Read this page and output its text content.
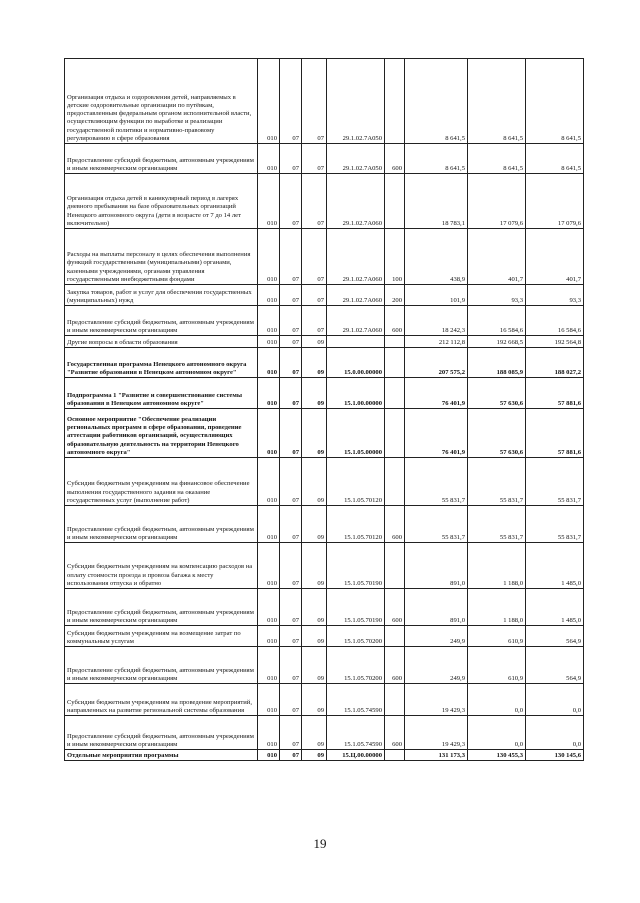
Организация отдыха и оздоровления детей, направляемых в детские оздоровительные организации по путёвкам, предоставленным федеральным органом исполнительной власти, осуществляющим функции по выработке и реализации государственной политики и нормативно-правовому регулированию в сфере образования	010	07	07	29.1.02.7А050		8 641,5	8 641,5	8 641,5
Предоставление субсидий бюджетным, автономным учреждениям и иным некоммерческим организациям	010	07	07	29.1.02.7А050	600	8 641,5	8 641,5	8 641,5
Организация отдыха детей в каникулярный период в лагерях дневного пребывания на базе образовательных организаций Ненецкого автономного округа (дети в возрасте от 7 до 14 лет включительно)	010	07	07	29.1.02.7А060		18 783,1	17 079,6	17 079,6
Расходы на выплаты персоналу в целях обеспечения выполнения функций государственными (муниципальными) органами, казенными учреждениями, органами управления государственными внебюджетными фондами	010	07	07	29.1.02.7А060	100	438,9	401,7	401,7
Закупка товаров, работ и услуг для обеспечения государственных (муниципальных) нужд	010	07	07	29.1.02.7А060	200	101,9	93,3	93,3
Предоставление субсидий бюджетным, автономным учреждениям и иным некоммерческим организациям	010	07	07	29.1.02.7А060	600	18 242,3	16 584,6	16 584,6
Другие вопросы в области образования	010	07	09			212 112,8	192 668,5	192 564,8
Государственная программа Ненецкого автономного округа "Развитие образования в Ненецком автономном округе"	010	07	09	15.0.00.00000		207 575,2	188 085,9	188 027,2
Подпрограмма 1 "Развитие и совершенствование системы образования в Ненецком автономном округе"	010	07	09	15.1.00.00000		76 401,9	57 630,6	57 881,6
Основное мероприятие "Обеспечение реализации региональных программ в сфере образования, проведение аттестации работников организаций, осуществляющих образовательную деятельность на территории Ненецкого автономного округа"	010	07	09	15.1.05.00000		76 401,9	57 630,6	57 881,6
Субсидии бюджетным учреждениям на финансовое обеспечение выполнения государственного задания на оказание государственных услуг (выполнение работ)	010	07	09	15.1.05.70120		55 831,7	55 831,7	55 831,7
Предоставление субсидий бюджетным, автономным учреждениям и иным некоммерческим организациям	010	07	09	15.1.05.70120	600	55 831,7	55 831,7	55 831,7
Субсидии бюджетным учреждениям на компенсацию расходов на оплату стоимости проезда и провоза багажа к месту использования отпуска и обратно	010	07	09	15.1.05.70190		891,0	1 188,0	1 485,0
Предоставление субсидий бюджетным, автономным учреждениям и иным некоммерческим организациям	010	07	09	15.1.05.70190	600	891,0	1 188,0	1 485,0
Субсидии бюджетным учреждениям на возмещение затрат по коммунальным услугам	010	07	09	15.1.05.70200		249,9	610,9	564,9
Предоставление субсидий бюджетным, автономным учреждениям и иным некоммерческим организациям	010	07	09	15.1.05.70200	600	249,9	610,9	564,9
Субсидии бюджетным учреждениям на проведение мероприятий, направленных на развитие региональной системы образования	010	07	09	15.1.05.74590		19 429,3	0,0	0,0
Предоставление субсидий бюджетным, автономным учреждениям и иным некоммерческим организациям	010	07	09	15.1.05.74590	600	19 429,3	0,0	0,0
Отдельные мероприятия программы	010	07	09	15.Ц.00.00000		131 173,3	130 455,3	130 145,6
19
